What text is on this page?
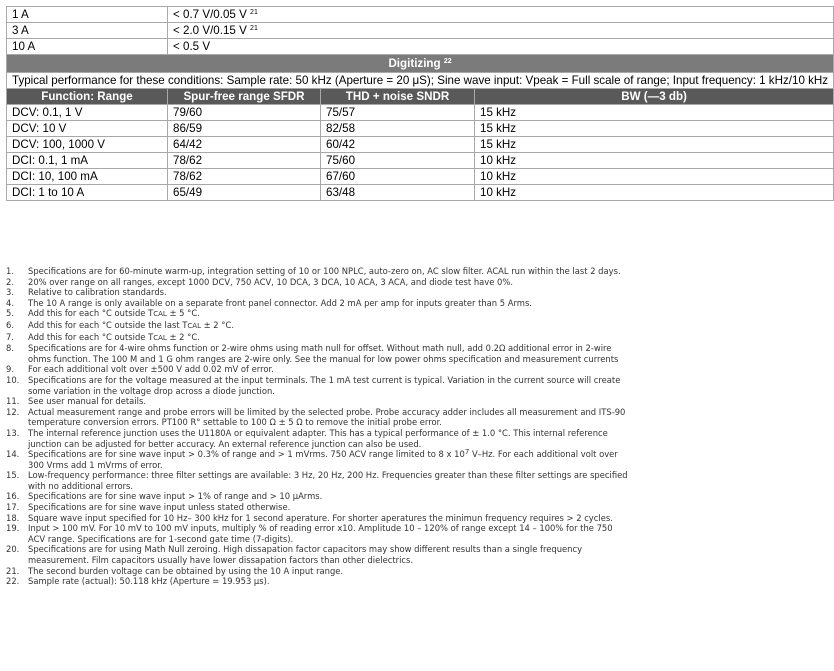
1 A	< 0.7 V/0.05 V $^{21}$
3 A	< 2.0 V/0.15 V $^{21}$
10 A	< 0.5 V		
Digitizing $^{22}$
Typical performance for these conditions: Sample rate: 50 kHz (Aperture = 20 μS); Sine wave input: Vpeak = Full scale of range; Input frequency: 1 kHz/10 kHz			
Function: Range	Spur-free range SFDR	THD + noise SNDR	BW (—3 db)
DCV: 0.1, 1 V	79/60	75/57	15 kHz
DCV: 10 V	86/59	82/58	15 kHz
DCV: 100, 1000 V	64/42	60/42	15 kHz
DCI: 0.1, 1 mA	78/62	75/60	10 kHz
DCI: 10, 100 mA	78/62	67/60	10 kHz
DCI: 1 to 10 A	65/49	63/48	10 kHz
1.	Specifications are for 60-minute warm-up, integration setting of 10 or 100 NPLC, auto-zero on, AC slow filter. ACAL run within the last 2 days.
2.	20% over range on all ranges, except 1000 DCV, 750 ACV, 10 DCA, 3 DCA, 10 ACA, 3 ACA, and diode test have 0%.
3.	Relative to calibration standards.
4.	The 10 A range is only available on a separate front panel connector. Add 2 mA per amp for inputs greater than 5 Arms.
5.	Add this for each °C outside TCAL ± 5 °C.
6.	Add this for each °C outside the last TCAL ± 2 °C.
7.	Add this for each °C outside TCAL ± 2 °C.
8.	Specifications are for 4-wire ohms function or 2-wire ohms using math null for offset. Without math null, add 0.2Ω additional error in 2-wire ohms function. The 100 M and 1 G ohm ranges are 2-wire only. See the manual for low power ohms specification and measurement currents
9.	For each additional volt over ±500 V add 0.02 mV of error.
10.	Specifications are for the voltage measured at the input terminals. The 1 mA test current is typical. Variation in the current source will create some variation in the voltage drop across a diode junction.
11.	See user manual for details.
12.	Actual measurement range and probe errors will be limited by the selected probe. Probe accuracy adder includes all measurement and ITS-90 temperature conversion errors. PT100 R° settable to 100 Ω ± 5 Ω to remove the initial probe error.
13.	The internal reference junction uses the U1180A or equivalent adapter. This has a typical performance of ± 1.0 °C. This internal reference junction can be adjusted for better accuracy. An external reference junction can also be used.
14.	Specifications are for sine wave input > 0.3% of range and > 1 mVrms. 750 ACV range limited to 8 x $10^7$ V–Hz. For each additional volt over 300 Vrms add 1 mVrms of error.
15.	Low-frequency performance: three filter settings are available: 3 Hz, 20 Hz, 200 Hz. Frequencies greater than these filter settings are specified with no additional errors.
16.	Specifications are for sine wave input > 1% of range and > 10 μArms.
17.	Specifications are for sine wave input unless stated otherwise.
18.	Square wave input specified for 10 Hz– 300 kHz for 1 second aperature. For shorter aperatures the minimun frequency requires > 2 cycles.
19.	Input > 100 mV. For 10 mV to 100 mV inputs, multiply % of reading error x10. Amplitude 10 – 120% of range except 14 – 100% for the 750 ACV range. Specifications are for 1-second gate time (7-digits).
20.	Specifications are for using Math Null zeroing. High dissapation factor capacitors may show different results than a single frequency measurement. Film capacitors usually have lower dissapation factors than other dielectrics.
21.	The second burden voltage can be obtained by using the 10 A input range.
22.	Sample rate (actual): 50.118 kHz (Aperture = 19.953 μs).
